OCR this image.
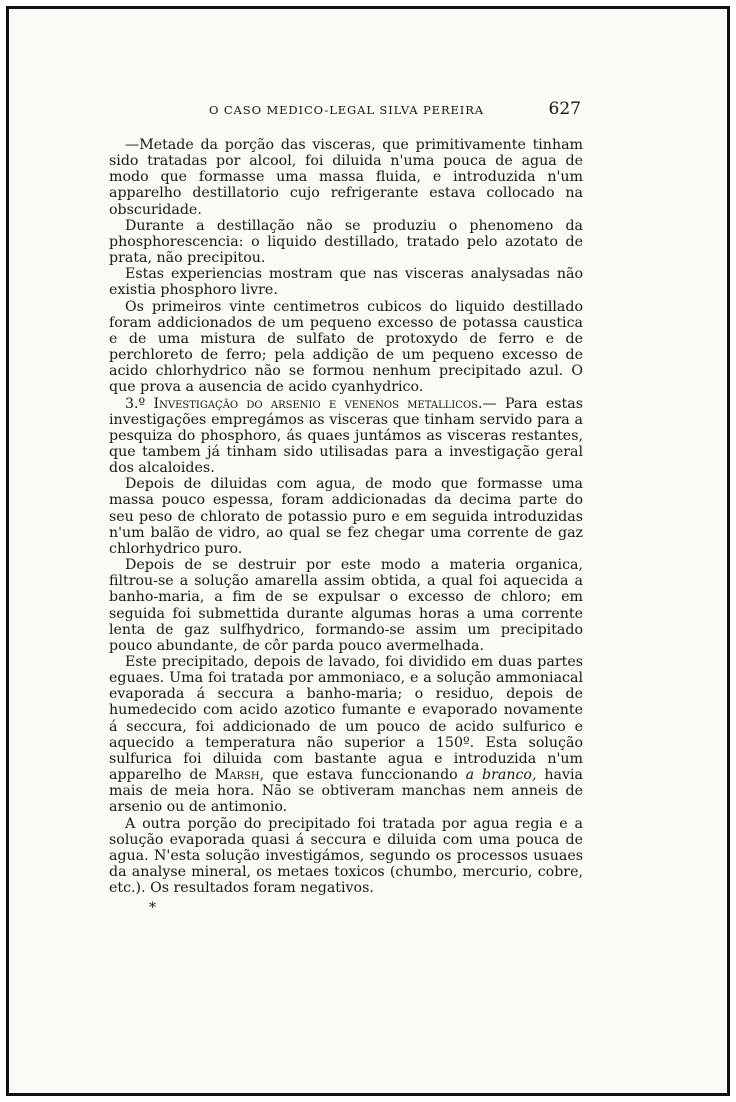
O CASO MEDICO-LEGAL SILVA PEREIRA	627

—Metade da porção das visceras, que primitivamente tinham sido tratadas por alcool, foi diluida n'uma pouca de agua de modo que formasse uma massa fluida, e introduzida n'um apparelho destillatorio cujo refrigerante estava collocado na obscuridade.

Durante a destillação não se produziu o phenomeno da phosphorescencia: o liquido destillado, tratado pelo azotato de prata, não precipitou.

Estas experiencias mostram que nas visceras analysadas não existia phosphoro livre.

Os primeiros vinte centimetros cubicos do liquido destillado foram addicionados de um pequeno excesso de potassa caustica e de uma mistura de sulfato de protoxydo de ferro e de perchloreto de ferro; pela addição de um pequeno excesso de acido chlorhydrico não se formou nenhum precipitado azul. O que prova a ausencia de acido cyanhydrico.

3.º Investigação do arsenio e venenos metallicos.— Para estas investigações empregámos as visceras que tinham servido para a pesquiza do phosphoro, ás quaes juntámos as visceras restantes, que tambem já tinham sido utilisadas para a investigação geral dos alcaloides.

Depois de diluidas com agua, de modo que formasse uma massa pouco espessa, foram addicionadas da decima parte do seu peso de chlorato de potassio puro e em seguida introduzidas n'um balão de vidro, ao qual se fez chegar uma corrente de gaz chlorhydrico puro.

Depois de se destruir por este modo a materia organica, filtrou-se a solução amarella assim obtida, a qual foi aquecida a banho-maria, a fim de se expulsar o excesso de chloro; em seguida foi submettida durante algumas horas a uma corrente lenta de gaz sulfhydrico, formando-se assim um precipitado pouco abundante, de côr parda pouco avermelhada.

Este precipitado, depois de lavado, foi dividido em duas partes eguaes. Uma foi tratada por ammoniaco, e a solução ammoniacal evaporada á seccura a banho-maria; o residuo, depois de humedecido com acido azotico fumante e evaporado novamente á seccura, foi addicionado de um pouco de acido sulfurico e aquecido a temperatura não superior a 150º. Esta solução sulfurica foi diluida com bastante agua e introduzida n'um apparelho de Marsh, que estava funccionando a branco, havia mais de meia hora. Não se obtiveram manchas nem anneis de arsenio ou de antimonio.

A outra porção do precipitado foi tratada por agua regia e a solução evaporada quasi á seccura e diluida com uma pouca de agua. N'esta solução investigámos, segundo os processos usuaes da analyse mineral, os metaes toxicos (chumbo, mercurio, cobre, etc.). Os resultados foram negativos.

*
